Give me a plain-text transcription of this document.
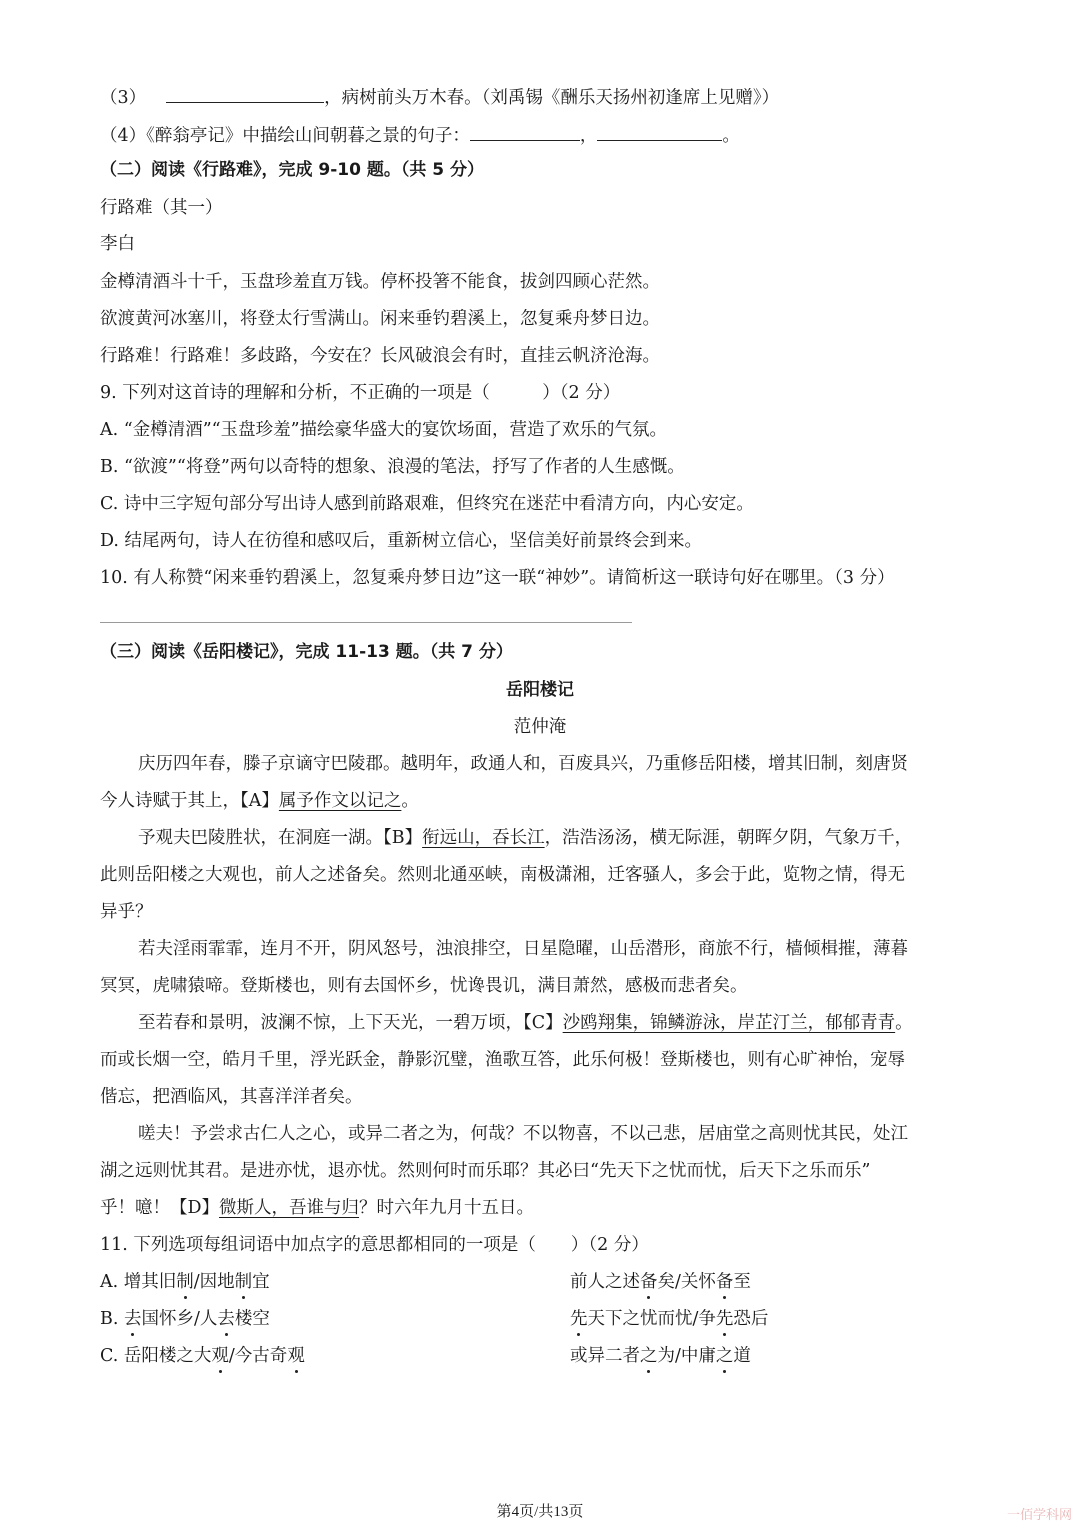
（3）	，病树前头万木春。（刘禹锡《酬乐天扬州初逢席上见赠》）
（4）《醉翁亭记》中描绘山间朝暮之景的句子：	，	。
（二）阅读《行路难》，完成 9-10 题。（共 5 分）
行路难（其一）
李白
金樽清酒斗十千，玉盘珍羞直万钱。停杯投箸不能食，拔剑四顾心茫然。
欲渡黄河冰塞川，将登太行雪满山。闲来垂钓碧溪上，忽复乘舟梦日边。
行路难！行路难！多歧路，今安在？长风破浪会有时，直挂云帆济沧海。
9. 下列对这首诗的理解和分析，不正确的一项是（　　　）（2 分）
A. “金樽清酒”“玉盘珍羞”描绘豪华盛大的宴饮场面，营造了欢乐的气氛。
B. “欲渡”“将登”两句以奇特的想象、浪漫的笔法，抒写了作者的人生感慨。
C. 诗中三字短句部分写出诗人感到前路艰难，但终究在迷茫中看清方向，内心安定。
D. 结尾两句，诗人在彷徨和感叹后，重新树立信心，坚信美好前景终会到来。
10. 有人称赞“闲来垂钓碧溪上，忽复乘舟梦日边”这一联“神妙”。请简析这一联诗句好在哪里。（3 分）
（三）阅读《岳阳楼记》，完成 11-13 题。（共 7 分）
岳阳楼记
范仲淹
庆历四年春，滕子京谪守巴陵郡。越明年，政通人和，百废具兴，乃重修岳阳楼，增其旧制，刻唐贤
今人诗赋于其上，【A】属予作文以记之。
予观夫巴陵胜状，在洞庭一湖。【B】衔远山，吞长江，浩浩汤汤，横无际涯，朝晖夕阴，气象万千，
此则岳阳楼之大观也，前人之述备矣。然则北通巫峡，南极潇湘，迁客骚人，多会于此，览物之情，得无
异乎？
若夫淫雨霏霏，连月不开，阴风怒号，浊浪排空，日星隐曜，山岳潜形，商旅不行，樯倾楫摧，薄暮
冥冥，虎啸猿啼。登斯楼也，则有去国怀乡，忧谗畏讥，满目萧然，感极而悲者矣。
至若春和景明，波澜不惊，上下天光，一碧万顷，【C】沙鸥翔集，锦鳞游泳，岸芷汀兰，郁郁青青。
而或长烟一空，皓月千里，浮光跃金，静影沉璧，渔歌互答，此乐何极！登斯楼也，则有心旷神怡，宠辱
偕忘，把酒临风，其喜洋洋者矣。
嗟夫！予尝求古仁人之心，或异二者之为，何哉？不以物喜，不以己悲，居庙堂之高则忧其民，处江
湖之远则忧其君。是进亦忧，退亦忧。然则何时而乐耶？其必曰“先天下之忧而忧，后天下之乐而乐”
乎！噫！【D】微斯人，吾谁与归？时六年九月十五日。
11. 下列选项每组词语中加点字的意思都相同的一项是（　　）（2 分）
A. 增其旧制/因地制宜	前人之述备矣/关怀备至
B. 去国怀乡/人去楼空	先天下之忧而忧/争先恐后
C. 岳阳楼之大观/今古奇观	或异二者之为/中庸之道
第4页/共13页	一佰学科网
